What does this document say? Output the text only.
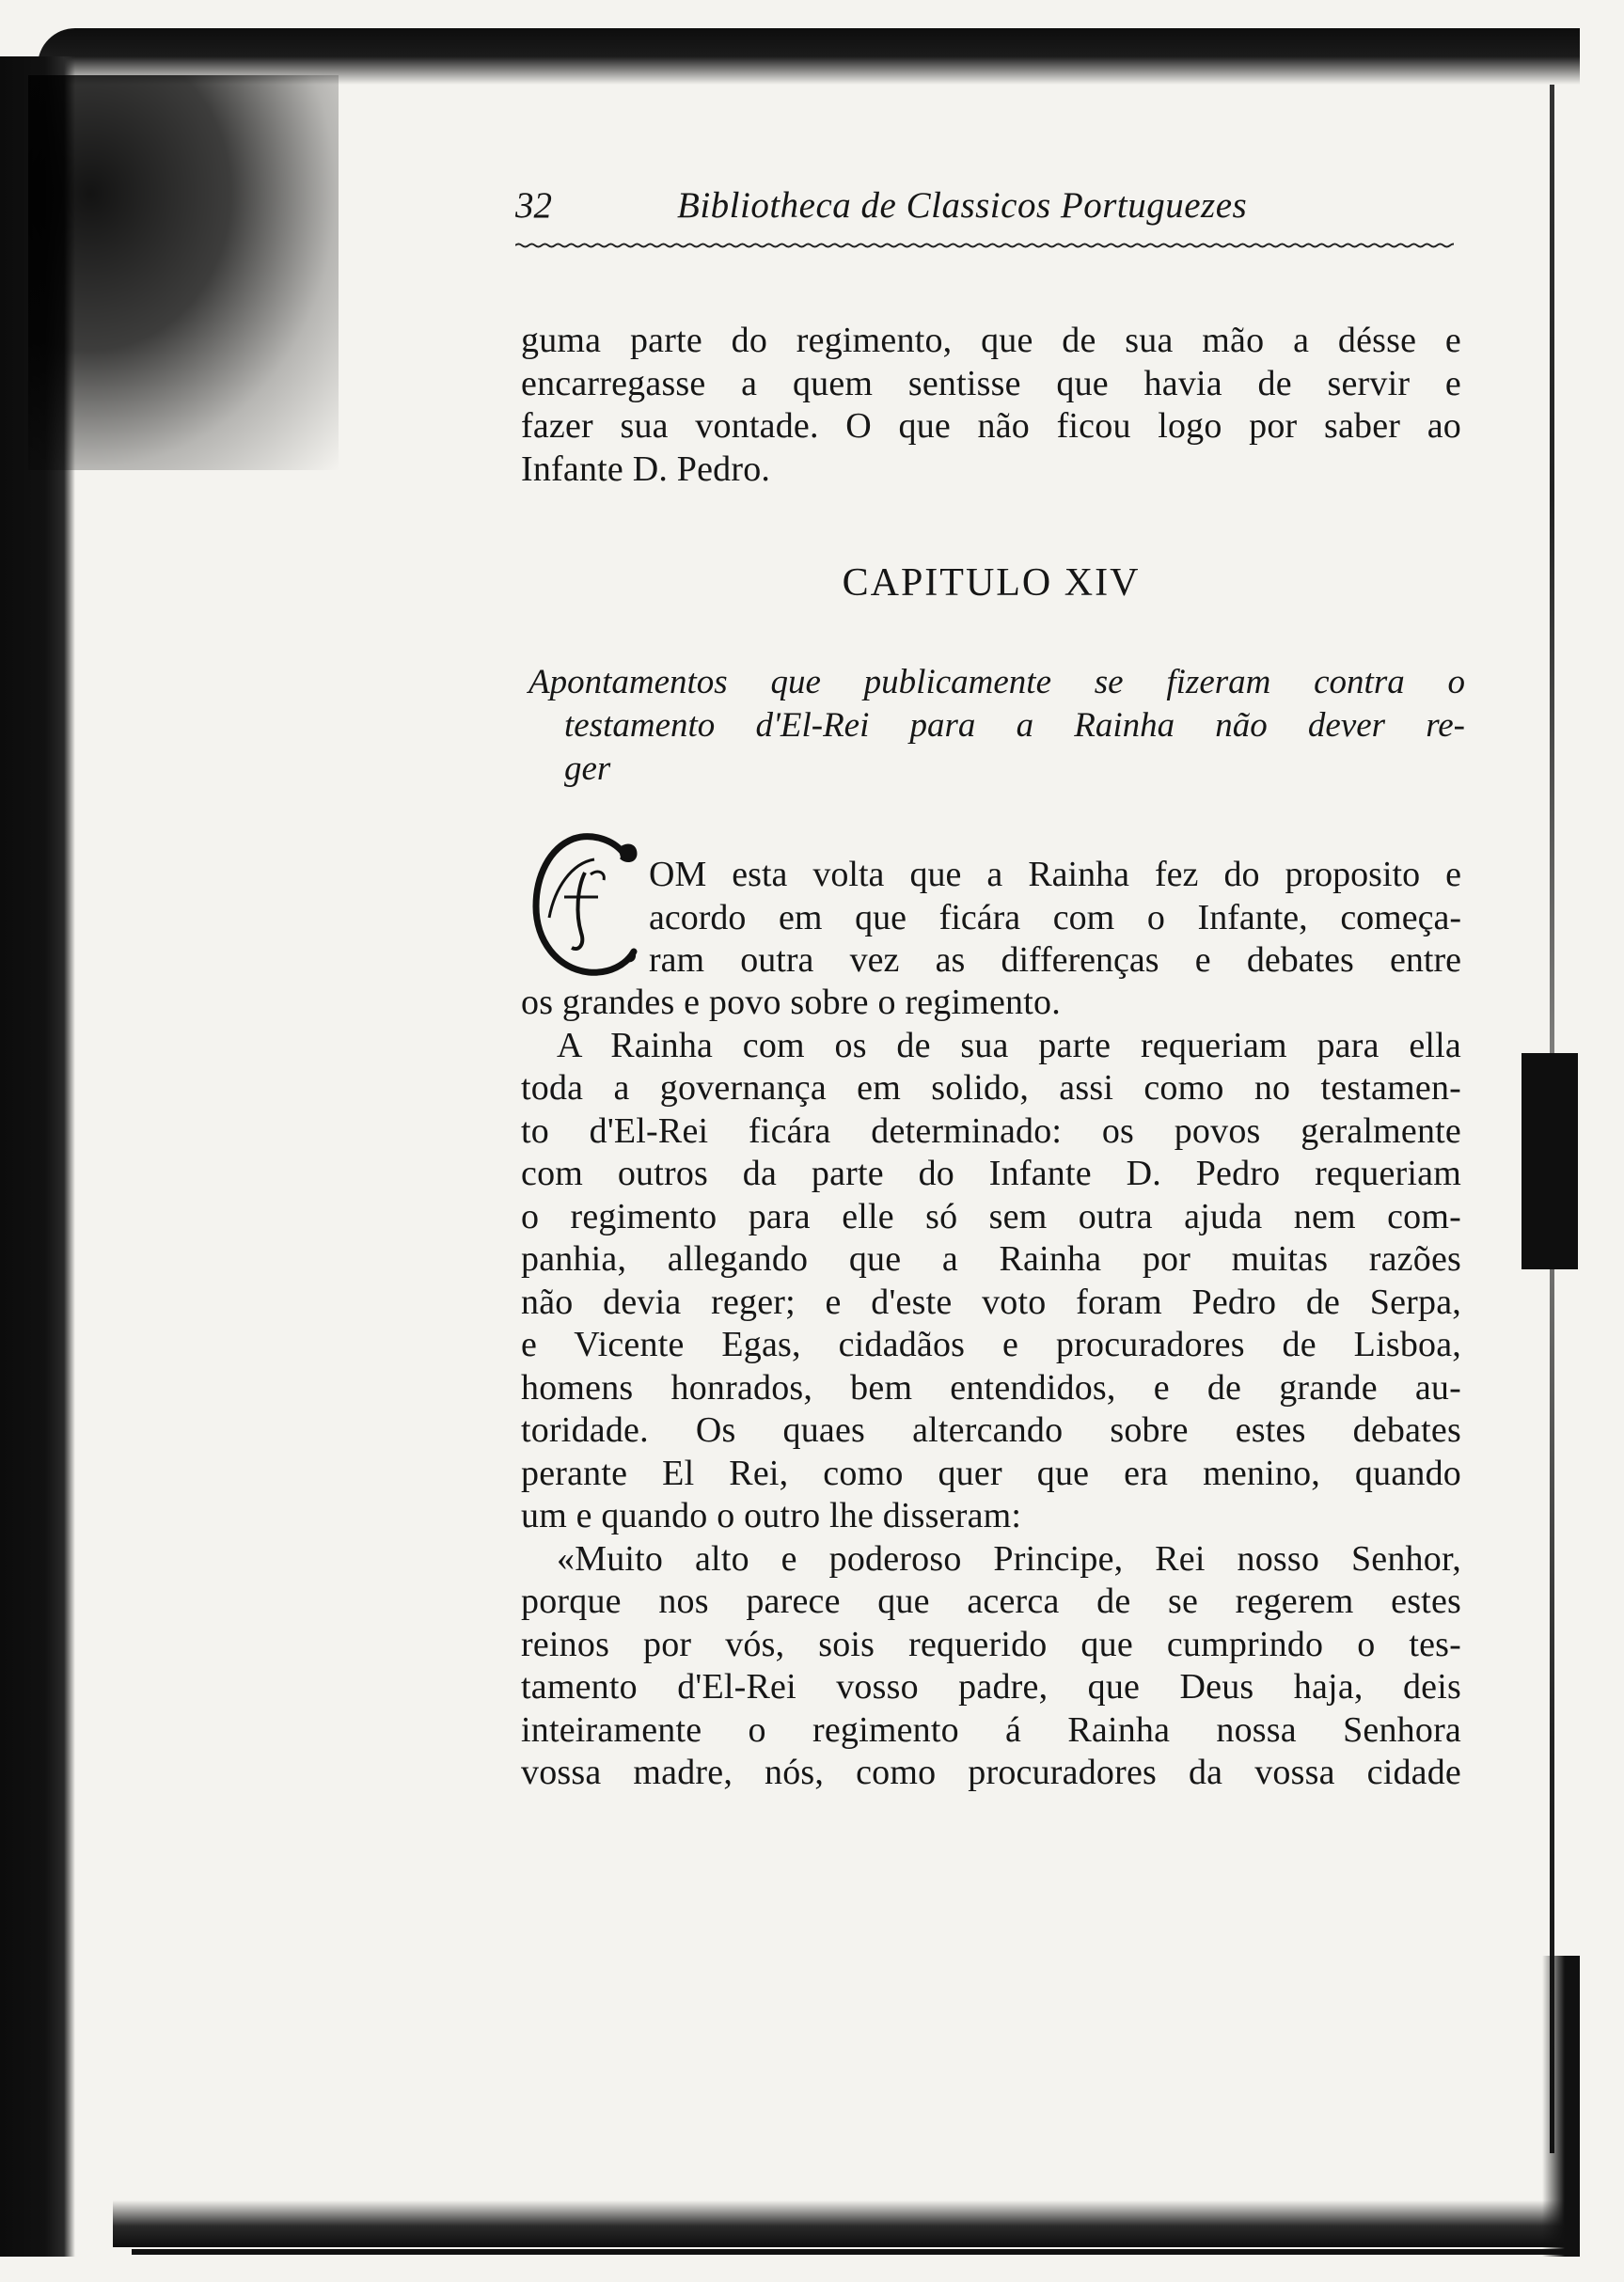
32	Bibliotheca de Classicos Portuguezes
guma parte do regimento, que de sua mão a désse e
encarregasse a quem sentisse que havia de servir e
fazer sua vontade. O que não ficou logo por saber ao
Infante D. Pedro.
CAPITULO XIV
Apontamentos que publicamente se fizeram contra o
testamento d'El-Rei para a Rainha não dever re-
ger
OM esta volta que a Rainha fez do proposito e
acordo em que ficára com o Infante, começa-
ram outra vez as differenças e debates entre
os grandes e povo sobre o regimento.
A Rainha com os de sua parte requeriam para ella
toda a governança em solido, assi como no testamen-
to d'El-Rei ficára determinado: os povos geralmente
com outros da parte do Infante D. Pedro requeriam
o regimento para elle só sem outra ajuda nem com-
panhia, allegando que a Rainha por muitas razões
não devia reger; e d'este voto foram Pedro de Serpa,
e Vicente Egas, cidadãos e procuradores de Lisboa,
homens honrados, bem entendidos, e de grande au-
toridade. Os quaes altercando sobre estes debates
perante El Rei, como quer que era menino, quando
um e quando o outro lhe disseram:
«Muito alto e poderoso Principe, Rei nosso Senhor,
porque nos parece que acerca de se regerem estes
reinos por vós, sois requerido que cumprindo o tes-
tamento d'El-Rei vosso padre, que Deus haja, deis
inteiramente o regimento á Rainha nossa Senhora
vossa madre, nós, como procuradores da vossa cidade
